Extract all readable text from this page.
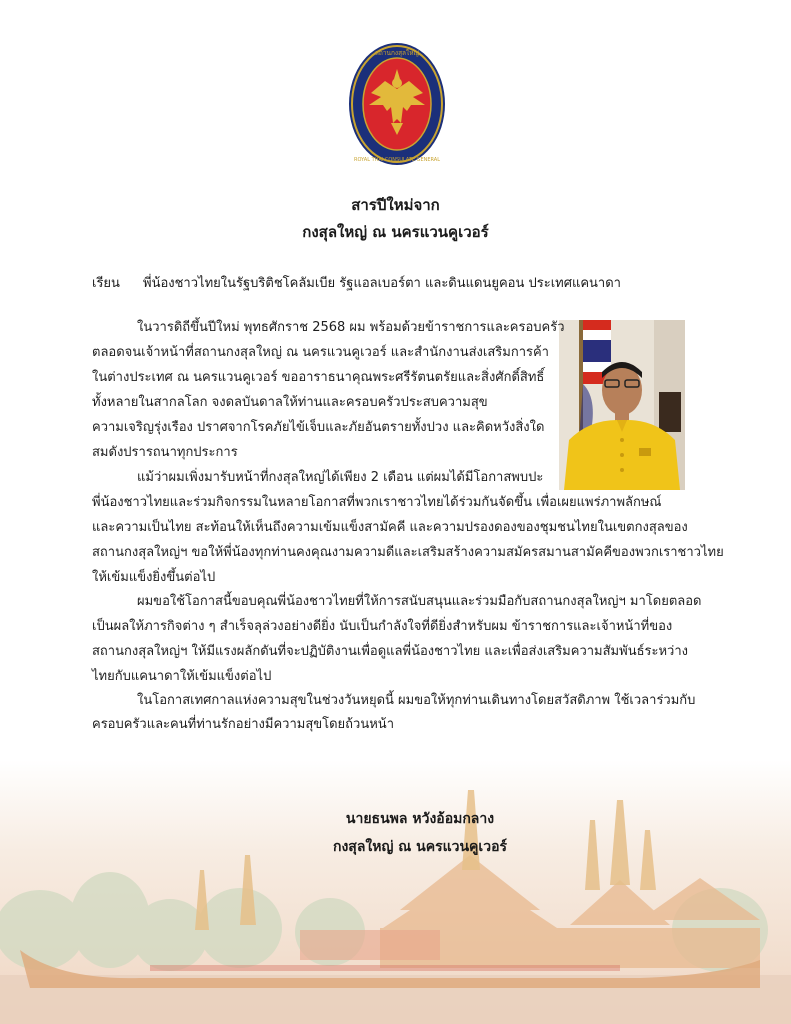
สถานกงสุลใหญ่
ROYAL THAI CONSULATE GENERAL
สารปีใหม่จาก
กงสุลใหญ่ ณ นครแวนคูเวอร์
เรียน พี่น้องชาวไทยในรัฐบริติชโคลัมเบีย รัฐแอลเบอร์ตา และดินแดนยูคอน ประเทศแคนาดา
ในวารดิถีขึ้นปีใหม่ พุทธศักราช 2568 ผม พร้อมด้วยข้าราชการและครอบครัว
ตลอดจนเจ้าหน้าที่สถานกงสุลใหญ่ ณ นครแวนคูเวอร์ และสำนักงานส่งเสริมการค้า
ในต่างประเทศ ณ นครแวนคูเวอร์ ขออาราธนาคุณพระศรีรัตนตรัยและสิ่งศักดิ์สิทธิ์
ทั้งหลายในสากลโลก จงดลบันดาลให้ท่านและครอบครัวประสบความสุข
ความเจริญรุ่งเรือง ปราศจากโรคภัยไข้เจ็บและภัยอันตรายทั้งปวง และคิดหวังสิ่งใด
สมดังปรารถนาทุกประการ
แม้ว่าผมเพิ่งมารับหน้าที่กงสุลใหญ่ได้เพียง 2 เดือน แต่ผมได้มีโอกาสพบปะ
พี่น้องชาวไทยและร่วมกิจกรรมในหลายโอกาสที่พวกเราชาวไทยได้ร่วมกันจัดขึ้น เพื่อเผยแพร่ภาพลักษณ์
และความเป็นไทย สะท้อนให้เห็นถึงความเข้มแข็งสามัคคี และความปรองดองของชุมชนไทยในเขตกงสุลของ
สถานกงสุลใหญ่ฯ ขอให้พี่น้องทุกท่านคงคุณงามความดีและเสริมสร้างความสมัครสมานสามัคคีของพวกเราชาวไทย
ให้เข้มแข็งยิ่งขึ้นต่อไป
ผมขอใช้โอกาสนี้ขอบคุณพี่น้องชาวไทยที่ให้การสนับสนุนและร่วมมือกับสถานกงสุลใหญ่ฯ มาโดยตลอด
เป็นผลให้ภารกิจต่าง ๆ สำเร็จลุล่วงอย่างดียิ่ง นับเป็นกำลังใจที่ดียิ่งสำหรับผม ข้าราชการและเจ้าหน้าที่ของ
สถานกงสุลใหญ่ฯ ให้มีแรงผลักดันที่จะปฏิบัติงานเพื่อดูแลพี่น้องชาวไทย และเพื่อส่งเสริมความสัมพันธ์ระหว่าง
ไทยกับแคนาดาให้เข้มแข็งต่อไป
ในโอกาสเทศกาลแห่งความสุขในช่วงวันหยุดนี้ ผมขอให้ทุกท่านเดินทางโดยสวัสดิภาพ ใช้เวลาร่วมกับ
ครอบครัวและคนที่ท่านรักอย่างมีความสุขโดยถ้วนหน้า
นายธนพล หวังอ้อมกลาง
กงสุลใหญ่ ณ นครแวนคูเวอร์
